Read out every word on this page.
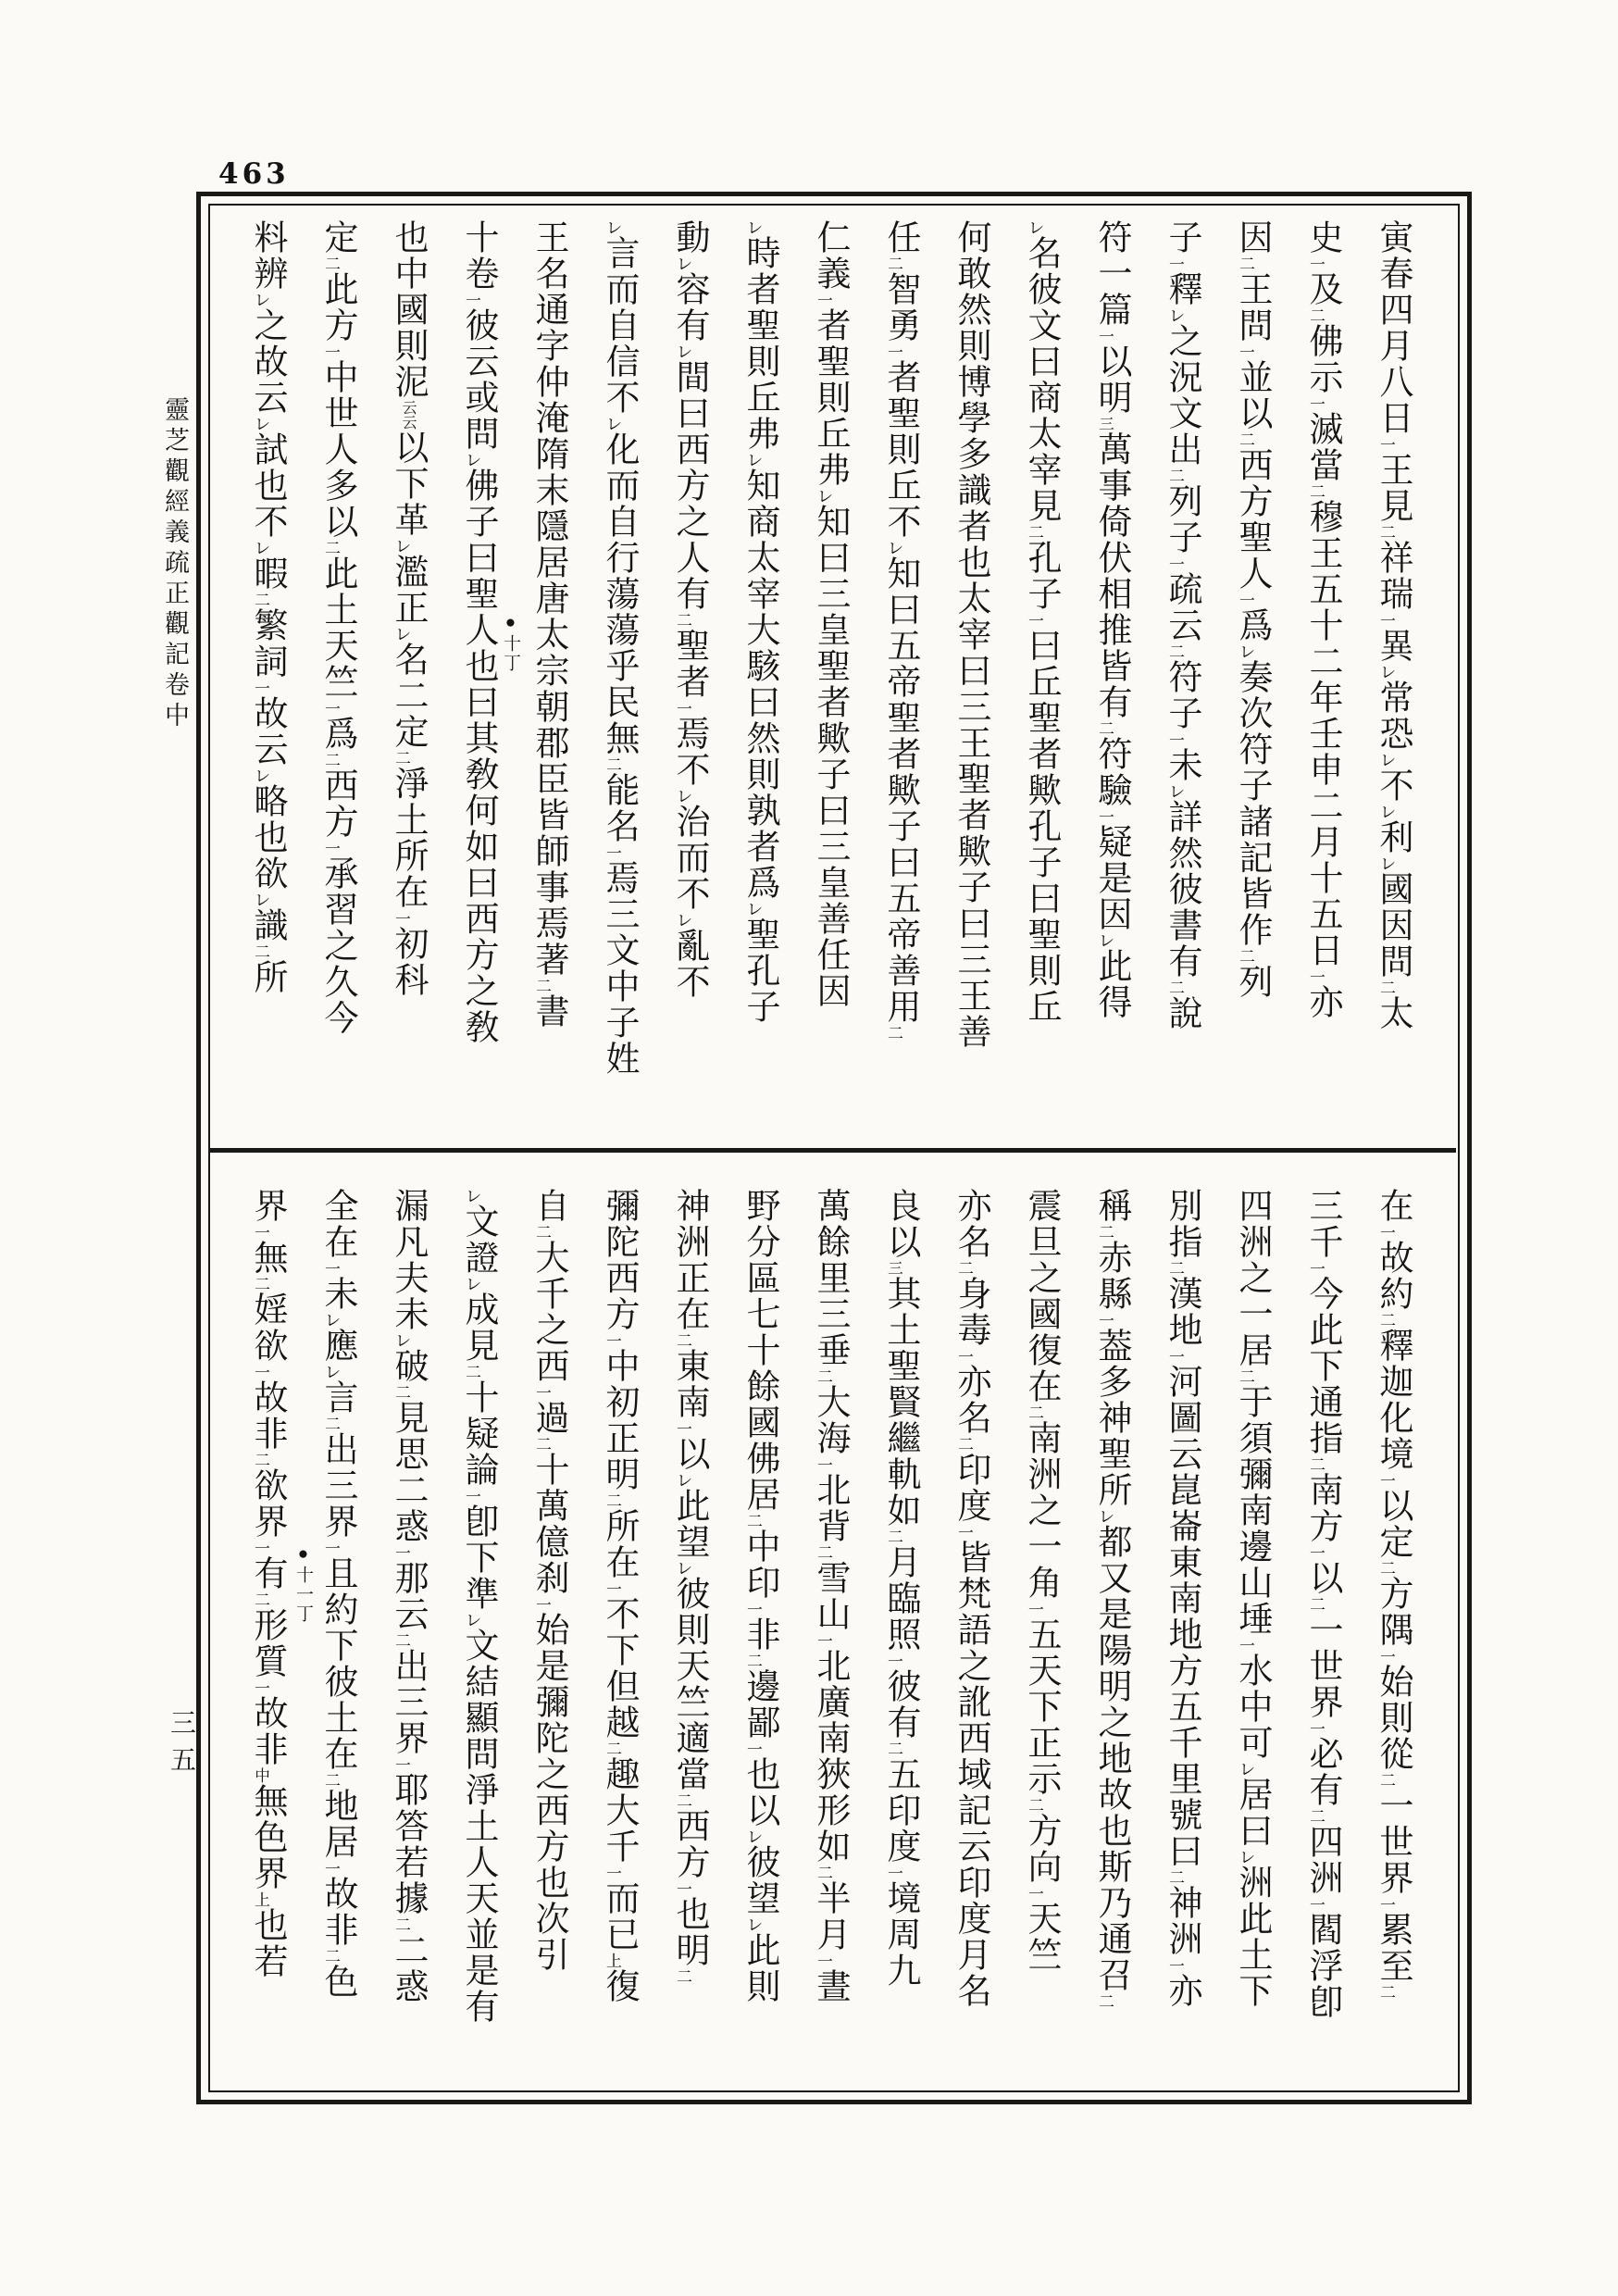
463
靈芝觀經義疏正觀記卷中
三五
寅春四月八日㆒王見㆓祥瑞㆒異㆑常恐㆑不㆑利㆑國因問㆓太
史㆒及㆓佛示㆒滅當㆓穆王五十二年壬申二月十五日㆒亦
因㆓王問㆒並以㆓西方聖人㆒爲㆑奏次符子諸記皆作㆓列
子㆒釋㆑之況文出㆓列子㆒疏云㆓符子㆒未㆑詳然彼書有㆓說
符一篇㆒以明㆔萬事倚伏相推皆有㆓符驗㆒疑是因㆑此得
㆑名彼文曰商太宰見㆓孔子㆒曰丘聖者歟孔子曰聖則丘
何敢然則博學多識者也太宰曰三王聖者歟子曰三王善
任㆓智勇㆒者聖則丘不㆑知曰五帝聖者歟子曰五帝善用㆓
仁義㆒者聖則丘弗㆑知曰三皇聖者歟子曰三皇善任因
㆑時者聖則丘弗㆑知商太宰大駭曰然則孰者爲㆑聖孔子
動㆑容有㆑間曰西方之人有㆓聖者㆒焉不㆑治而不㆑亂不
㆑言而自信不㆑化而自行蕩蕩乎民無㆓能名㆒焉三文中子姓
王名通字仲淹隋末隱居唐太宗朝郡臣皆師事焉著㆓書
十卷㆒彼云或問㆑佛子曰聖人也曰其敎何如曰西方之敎
也中國則泥云云以下革㆑濫正㆑名二定㆓淨土所在㆒初科
定㆓此方㆒中世人多以㆓此土天竺㆒爲㆓西方㆒承習之久今
料辨㆑之故云㆑試也不㆑暇㆓繁詞㆒故云㆑略也欲㆑識㆓所
在㆒故約㆓釋迦化境㆒以定㆓方隅㆒始則從㆓一世界㆒累至㆓
三千㆒今此下通指㆓南方㆒以㆓一世界㆒必有㆓四洲㆒閻浮卽
四洲之一居㆓于須彌南邊山埵㆒水中可㆑居曰㆑洲此土下
別指㆓漢地㆒河圖云崑崙東南地方五千里號曰㆓神洲㆒亦
稱㆓赤縣㆒葢多神聖所㆑都又是陽明之地故也斯乃通召㆓
震旦之國復在㆓南洲之一角㆒五天下正示㆓方向㆒天竺
亦名㆓身毒㆒亦名㆓印度㆒皆梵語之訛西域記云印度月名
良以㆔其土聖賢繼軌如㆓月臨照㆒彼有㆓五印度㆒境周九
萬餘里三垂㆓大海㆒北背㆓雪山㆒北廣南狹形如㆓半月㆒晝
野分區七十餘國佛居㆓中印㆒非㆓邊鄙㆒也以㆑彼望㆑此則
神洲正在㆓東南㆒以㆑此望㆑彼則天竺適當㆓西方㆒也明㆓
彌陀西方㆒中初正明㆓所在㆒不㆘但越㆓趣大千㆒而已㆖復
自㆓大千之西㆒過㆓十萬億刹㆒始是彌陀之西方也次引
㆑文證㆑成見㆓十疑論㆒卽下準㆑文結顯問淨土人天並是有
漏凡夫未㆑破㆓見思二惑㆒那云㆓出三界㆒耶答若據㆓二惑
全在㆒未㆑應㆑言㆓出三界㆒且約㆘彼土在㆓地居㆒故非㆓色
界㆒無㆓婬欲㆒故非㆓欲界㆒有㆓形質㆒故非㆗無色界㆖也若
●十丁
●十一丁
